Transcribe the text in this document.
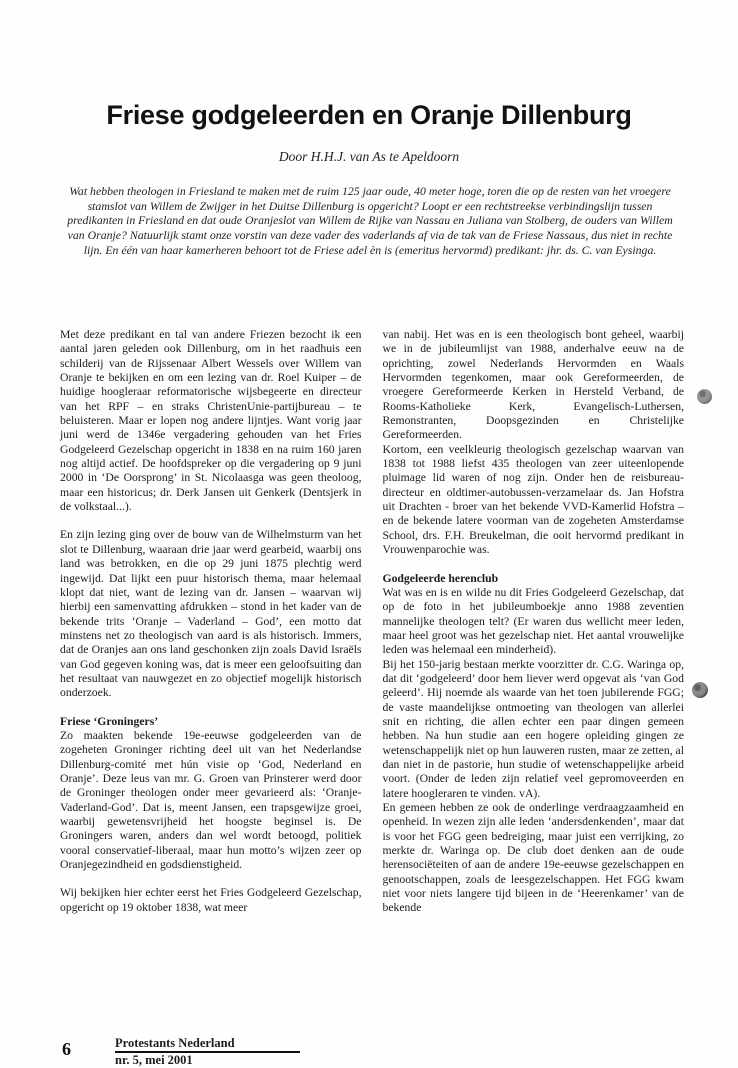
Friese godgeleerden en Oranje Dillenburg
Door H.H.J. van As te Apeldoorn
Wat hebben theologen in Friesland te maken met de ruim 125 jaar oude, 40 meter hoge, toren die op de resten van het vroegere stamslot van Willem de Zwijger in het Duitse Dillenburg is opgericht? Loopt er een rechtstreekse verbindingslijn tussen predikanten in Friesland en dat oude Oranjeslot van Willem de Rijke van Nassau en Juliana van Stolberg, de ouders van Willem van Oranje? Natuurlijk stamt onze vorstin van deze vader des vaderlands af via de tak van de Friese Nassaus, dus niet in rechte lijn. En één van haar kamerheren behoort tot de Friese adel èn is (emeritus hervormd) predikant: jhr. ds. C. van Eysinga.

Met deze predikant en tal van andere Friezen bezocht ik een aantal jaren geleden ook Dillenburg, om in het raadhuis een schilderij van de Rijssenaar Albert Wessels over Willem van Oranje te bekijken en om een lezing van dr. Roel Kuiper – de huidige hoogleraar reformatorische wijsbegeerte en directeur van het RPF – en straks ChristenUnie-partijbureau – te beluisteren. Maar er lopen nog andere lijntjes. Want vorig jaar juni werd de 1346e vergadering gehouden van het Fries Godgeleerd Gezelschap opgericht in 1838 en na ruim 160 jaren nog altijd actief. De hoofdspreker op die vergadering op 9 juni 2000 in ‘De Oorsprong’ in St. Nicolaasga was geen theoloog, maar een historicus; dr. Derk Jansen uit Genkerk (Dentsjerk in de volkstaal...).

En zijn lezing ging over de bouw van de Wilhelmsturm van het slot te Dillenburg, waaraan drie jaar werd gearbeid, waarbij ons land was betrokken, en die op 29 juni 1875 plechtig werd ingewijd. Dat lijkt een puur historisch thema, maar helemaal klopt dat niet, want de lezing van dr. Jansen – waarvan wij hierbij een samenvatting afdrukken – stond in het kader van de bekende trits ‘Oranje – Vaderland – God’, een motto dat minstens net zo theologisch van aard is als historisch. Immers, dat de Oranjes aan ons land geschonken zijn zoals David Israëls van God gegeven koning was, dat is meer een geloofsuiting dan het resultaat van nauwgezet en zo objectief mogelijk historisch onderzoek.

Friese ‘Groningers’

Zo maakten bekende 19e-eeuwse godgeleerden van de zogeheten Groninger richting deel uit van het Nederlandse Dillenburg-comité met hún visie op ‘God, Nederland en Oranje’. Deze leus van mr. G. Groen van Prinsterer werd door de Groninger theologen onder meer gevarieerd als: ‘Oranje-Vaderland-God’. Dat is, meent Jansen, een trapsgewijze groei, waarbij gewetensvrijheid het hoogste beginsel is. De Groningers waren, anders dan wel wordt betoogd, politiek vooral conservatief-liberaal, maar hun motto’s wijzen zeer op Oranjegezindheid en godsdienstigheid.

Wij bekijken hier echter eerst het Fries Godgeleerd Gezelschap, opgericht op 19 oktober 1838, wat meer

van nabij. Het was en is een theologisch bont geheel, waarbij we in de jubileumlijst van 1988, anderhalve eeuw na de oprichting, zowel Nederlands Hervormden en Waals Hervormden tegenkomen, maar ook Gereformeerden, de vroegere Gereformeerde Kerken in Hersteld Verband, de Rooms-Katholieke Kerk, Evangelisch-Luthersen, Remonstranten, Doopsgezinden en Christelijke Gereformeerden.

Kortom, een veelkleurig theologisch gezelschap waarvan van 1838 tot 1988 liefst 435 theologen van zeer uiteenlopende pluimage lid waren of nog zijn. Onder hen de reisbureau-directeur en oldtimer-autobussen-verzamelaar ds. Jan Hofstra uit Drachten - broer van het bekende VVD-Kamerlid Hofstra – en de bekende latere voorman van de zogeheten Amsterdamse School, drs. F.H. Breukelman, die ooit hervormd predikant in Vrouwenparochie was.

Godgeleerde herenclub

Wat was en is en wilde nu dit Fries Godgeleerd Gezelschap, dat op de foto in het jubileumboekje anno 1988 zeventien mannelijke theologen telt? (Er waren dus wellicht meer leden, maar heel groot was het gezelschap niet. Het aantal vrouwelijke leden was helemaal een minderheid).

Bij het 150-jarig bestaan merkte voorzitter dr. C.G. Waringa op, dat dit ‘godgeleerd’ door hem liever werd opgevat als ‘van God geleerd’. Hij noemde als waarde van het toen jubilerende FGG; de vaste maandelijkse ontmoeting van theologen van allerlei snit en richting, die allen echter een paar dingen gemeen hebben. Na hun studie aan een hogere opleiding gingen ze wetenschappelijk niet op hun lauweren rusten, maar ze zetten, al dan niet in de pastorie, hun studie of wetenschappelijke arbeid voort. (Onder de leden zijn relatief veel gepromoveerden en latere hoogleraren te vinden. vA).

En gemeen hebben ze ook de onderlinge verdraagzaamheid en openheid. In wezen zijn alle leden ‘andersdenkenden’, maar dat is voor het FGG geen bedreiging, maar juist een verrijking, zo merkte dr. Waringa op. De club doet denken aan de oude herensociëteiten of aan de andere 19e-eeuwse gezelschappen en genootschappen, zoals de leesgezelschappen. Het FGG kwam niet voor niets langere tijd bijeen in de ‘Heerenkamer’ van de bekende

6	Protestants Nederland
nr. 5, mei 2001
